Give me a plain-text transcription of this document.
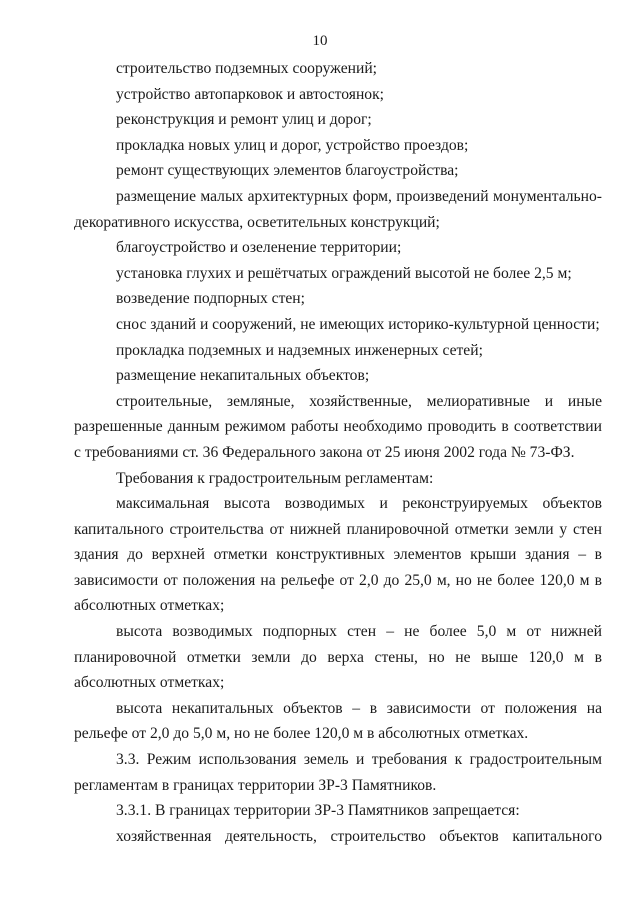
10

строительство подземных сооружений;

устройство автопарковок и автостоянок;

реконструкция и ремонт улиц и дорог;

прокладка новых улиц и дорог, устройство проездов;

ремонт существующих элементов благоустройства;

размещение малых архитектурных форм, произведений монументально-декоративного искусства, осветительных конструкций;

благоустройство и озеленение территории;

установка глухих и решётчатых ограждений высотой не более 2,5 м;

возведение подпорных стен;

снос зданий и сооружений, не имеющих историко-культурной ценности;

прокладка подземных и надземных инженерных сетей;

размещение некапитальных объектов;

строительные, земляные, хозяйственные, мелиоративные и иные разрешенные данным режимом работы необходимо проводить в соответствии с требованиями ст. 36 Федерального закона от 25 июня 2002 года № 73-ФЗ.

Требования к градостроительным регламентам:

максимальная высота возводимых и реконструируемых объектов капитального строительства от нижней планировочной отметки земли у стен здания до верхней отметки конструктивных элементов крыши здания – в зависимости от положения на рельефе от 2,0 до 25,0 м, но не более 120,0 м в абсолютных отметках;

высота возводимых подпорных стен – не более 5,0 м от нижней планировочной отметки земли до верха стены, но не выше 120,0 м в абсолютных отметках;

высота некапитальных объектов – в зависимости от положения на рельефе от 2,0 до 5,0 м, но не более 120,0 м в абсолютных отметках.

3.3. Режим использования земель и требования к градостроительным регламентам в границах территории ЗР-3 Памятников.

3.3.1. В границах территории ЗР-3 Памятников запрещается:

хозяйственная деятельность, строительство объектов капитального
